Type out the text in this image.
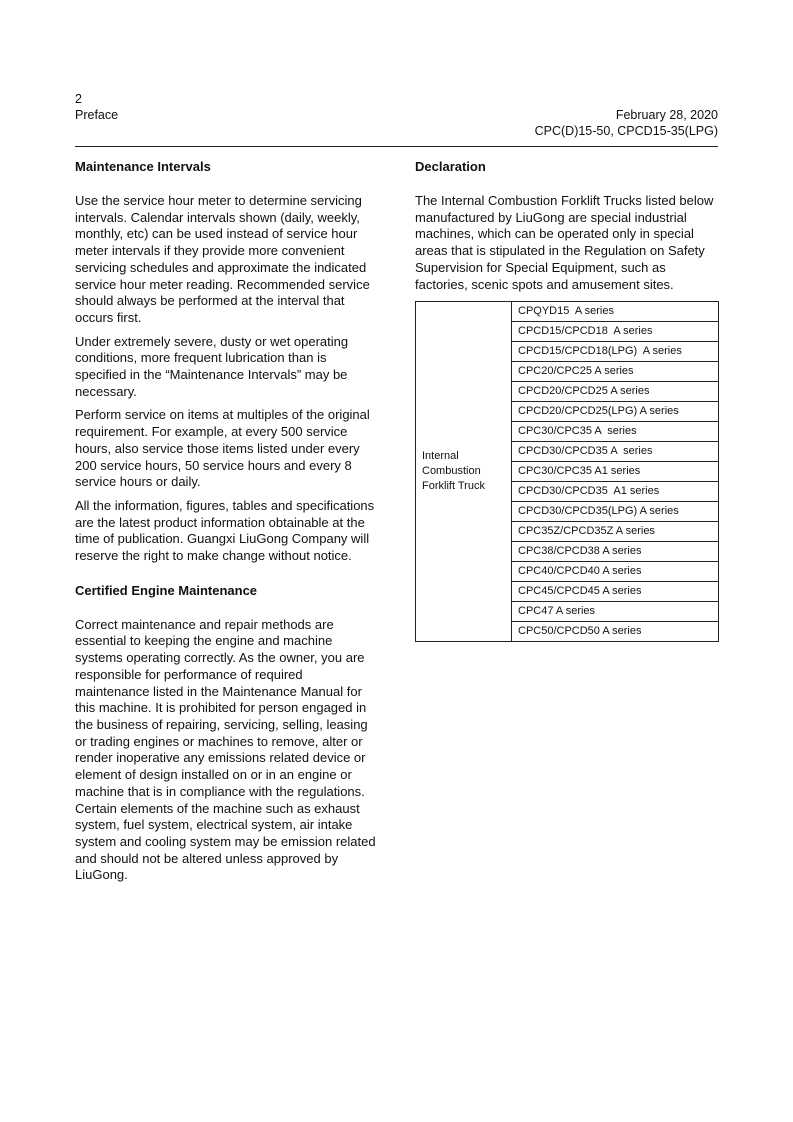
2
Preface	February 28, 2020
CPC(D)15-50, CPCD15-35(LPG)
Maintenance Intervals

Use the service hour meter to determine servicing intervals. Calendar intervals shown (daily, weekly, monthly, etc) can be used instead of service hour meter intervals if they provide more convenient servicing schedules and approximate the indicated service hour meter reading. Recommended service should always be performed at the interval that occurs first.

Under extremely severe, dusty or wet operating conditions, more frequent lubrication than is specified in the “Maintenance Intervals” may be necessary.

Perform service on items at multiples of the original requirement. For example, at every 500 service hours, also service those items listed under every 200 service hours, 50 service hours and every 8 service hours or daily.

All the information, figures, tables and specifications are the latest product information obtainable at the time of publication. Guangxi LiuGong Company will reserve the right to make change without notice.

Certified Engine Maintenance

Correct maintenance and repair methods are essential to keeping the engine and machine systems operating correctly. As the owner, you are responsible for performance of required maintenance listed in the Maintenance Manual for this machine. It is prohibited for person engaged in the business of repairing, servicing, selling, leasing or trading engines or machines to remove, alter or render inoperative any emissions related device or element of design installed on or in an engine or machine that is in compliance with the regulations. Certain elements of the machine such as exhaust system, fuel system, electrical system, air intake system and cooling system may be emission related and should not be altered unless approved by LiuGong.

Declaration

The Internal Combustion Forklift Trucks listed below manufactured by LiuGong are special industrial machines, which can be operated only in special areas that is stipulated in the Regulation on Safety Supervision for Special Equipment, such as factories, scenic spots and amusement sites.

Internal Combustion Forklift Truck	CPQYD15  A series
CPCD15/CPCD18  A series
CPCD15/CPCD18(LPG)  A series
CPC20/CPC25 A series
CPCD20/CPCD25 A series
CPCD20/CPCD25(LPG) A series
CPC30/CPC35 A  series
CPCD30/CPCD35 A  series
CPC30/CPC35 A1 series
CPCD30/CPCD35  A1 series
CPCD30/CPCD35(LPG) A series
CPC35Z/CPCD35Z A series
CPC38/CPCD38 A series
CPC40/CPCD40 A series
CPC45/CPCD45 A series
CPC47 A series
CPC50/CPCD50 A series
